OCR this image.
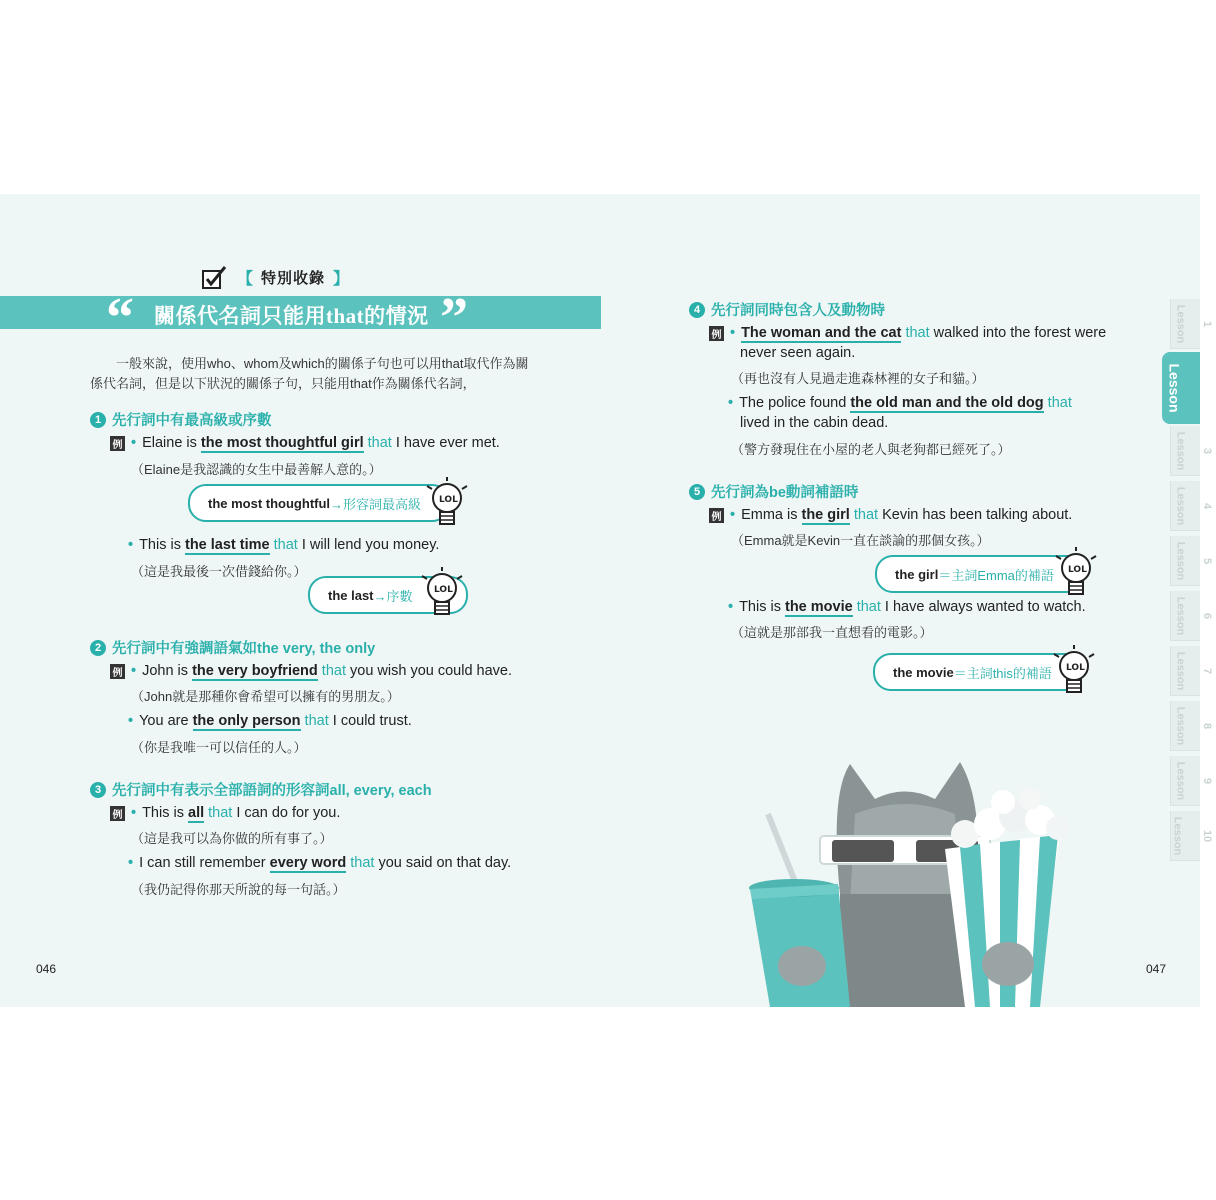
【 特別收錄 】
“ 關係代名詞只能用that的情況 ”

一般來說，使用who、whom及which的關係子句也可以用that取代作為關係代名詞，但是以下狀況的關係子句，只能用that作為關係代名詞，

1 先行詞中有最高級或序數
例 • Elaine is the most thoughtful girl that I have ever met.
（Elaine是我認識的女生中最善解人意的。）
the most thoughtful →形容詞最高級 LOL
• This is the last time that I will lend you money.
（這是我最後一次借錢給你。）
the last →序數 LOL
2 先行詞中有強調語氣如the very, the only
例 • John is the very boyfriend that you wish you could have.
（John就是那種你會希望可以擁有的男朋友。）
• You are the only person that I could trust.
（你是我唯一可以信任的人。）
3 先行詞中有表示全部語詞的形容詞all, every, each
例 • This is all that I can do for you.
（這是我可以為你做的所有事了。）
• I can still remember every word that you said on that day.
（我仍記得你那天所說的每一句話。）
046
4 先行詞同時包含人及動物時
例 • The woman and the cat that walked into the forest were
never seen again.
（再也沒有人見過走進森林裡的女子和貓。）
• The police found the old man and the old dog that
lived in the cabin dead.
（警方發現住在小屋的老人與老狗都已經死了。）
5 先行詞為be動詞補語時
例 • Emma is the girl that Kevin has been talking about.
（Emma就是Kevin一直在談論的那個女孩。）
the girl ＝主詞Emma的補語 LOL
• This is the movie that I have always wanted to watch.
（這就是那部我一直想看的電影。）
the movie ＝主詞this的補語 LOL
047
Lesson
1
Lesson
2
Lesson
3
Lesson
4
Lesson
5
Lesson
6
Lesson
7
Lesson
8
Lesson
9
Lesson
10
